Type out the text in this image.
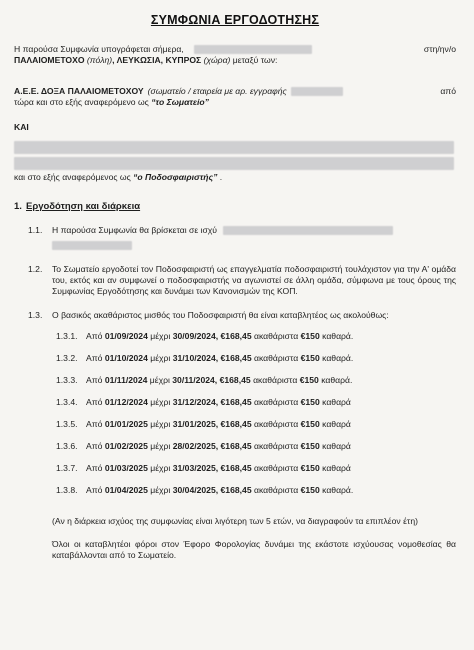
ΣΥΜΦΩΝΙΑ ΕΡΓΟΔΟΤΗΣΗΣ

Η παρούσα Συμφωνία υπογράφεται σήμερα,	στη/ην/ο

ΠΑΛΑΙΟΜΕΤΟΧΟ (πόλη), ΛΕΥΚΩΣΙΑ, ΚΥΠΡΟΣ (χώρα) μεταξύ των:

Α.Ε.Ε. ΔΟΞΑ ΠΑΛΑΙΟΜΕΤΟΧΟΥ (σωματείο / εταιρεία με αρ. εγγραφής	από

τώρα και στο εξής αναφερόμενο ως “το Σωματείο”

ΚΑΙ

και στο εξής αναφερόμενος ως “ο Ποδοσφαιριστής” .

1. Εργοδότηση και διάρκεια
1.1.	Η παρούσα Συμφωνία θα βρίσκεται σε ισχύ
1.2.	Το Σωματείο εργοδοτεί τον Ποδοσφαιριστή ως επαγγελματία ποδοσφαιριστή τουλάχιστον για την Α' ομάδα του, εκτός και αν συμφωνεί ο ποδοσφαιριστής να αγωνιστεί σε άλλη ομάδα, σύμφωνα με τους όρους της Συμφωνίας Εργοδότησης και δυνάμει των Κανονισμών της ΚΟΠ.
1.3.	Ο βασικός ακαθάριστος μισθός του Ποδοσφαιριστή θα είναι καταβλητέος ως ακολούθως:
1.3.1. Από
01/09/2024
μέχρι
30/09/2024,
€168,45
ακαθάριστα
€150
καθαρά.
1.3.2. Από
01/10/2024
μέχρι
31/10/2024,
€168,45
ακαθάριστα
€150
καθαρά.
1.3.3. Από
01/11/2024
μέχρι
30/11/2024,
€168,45
ακαθάριστα
€150
καθαρά.
1.3.4. Από
01/12/2024
μέχρι
31/12/2024,
€168,45
ακαθάριστα
€150
καθαρά
1.3.5. Από
01/01/2025
μέχρι
31/01/2025,
€168,45
ακαθάριστα
€150
καθαρά
1.3.6. Από
01/02/2025
μέχρι
28/02/2025,
€168,45
ακαθάριστα
€150
καθαρά
1.3.7. Από
01/03/2025
μέχρι
31/03/2025,
€168,45
ακαθάριστα
€150
καθαρά
1.3.8. Από
01/04/2025
μέχρι
30/04/2025,
€168,45
ακαθάριστα
€150
καθαρά.

(Αν η διάρκεια ισχύος της συμφωνίας είναι λιγότερη των 5 ετών, να διαγραφούν τα επιπλέον έτη)

Όλοι οι καταβλητέοι φόροι στον Έφορο Φορολογίας δυνάμει της εκάστοτε ισχύουσας νομοθεσίας θα καταβάλλονται από το Σωματείο.
